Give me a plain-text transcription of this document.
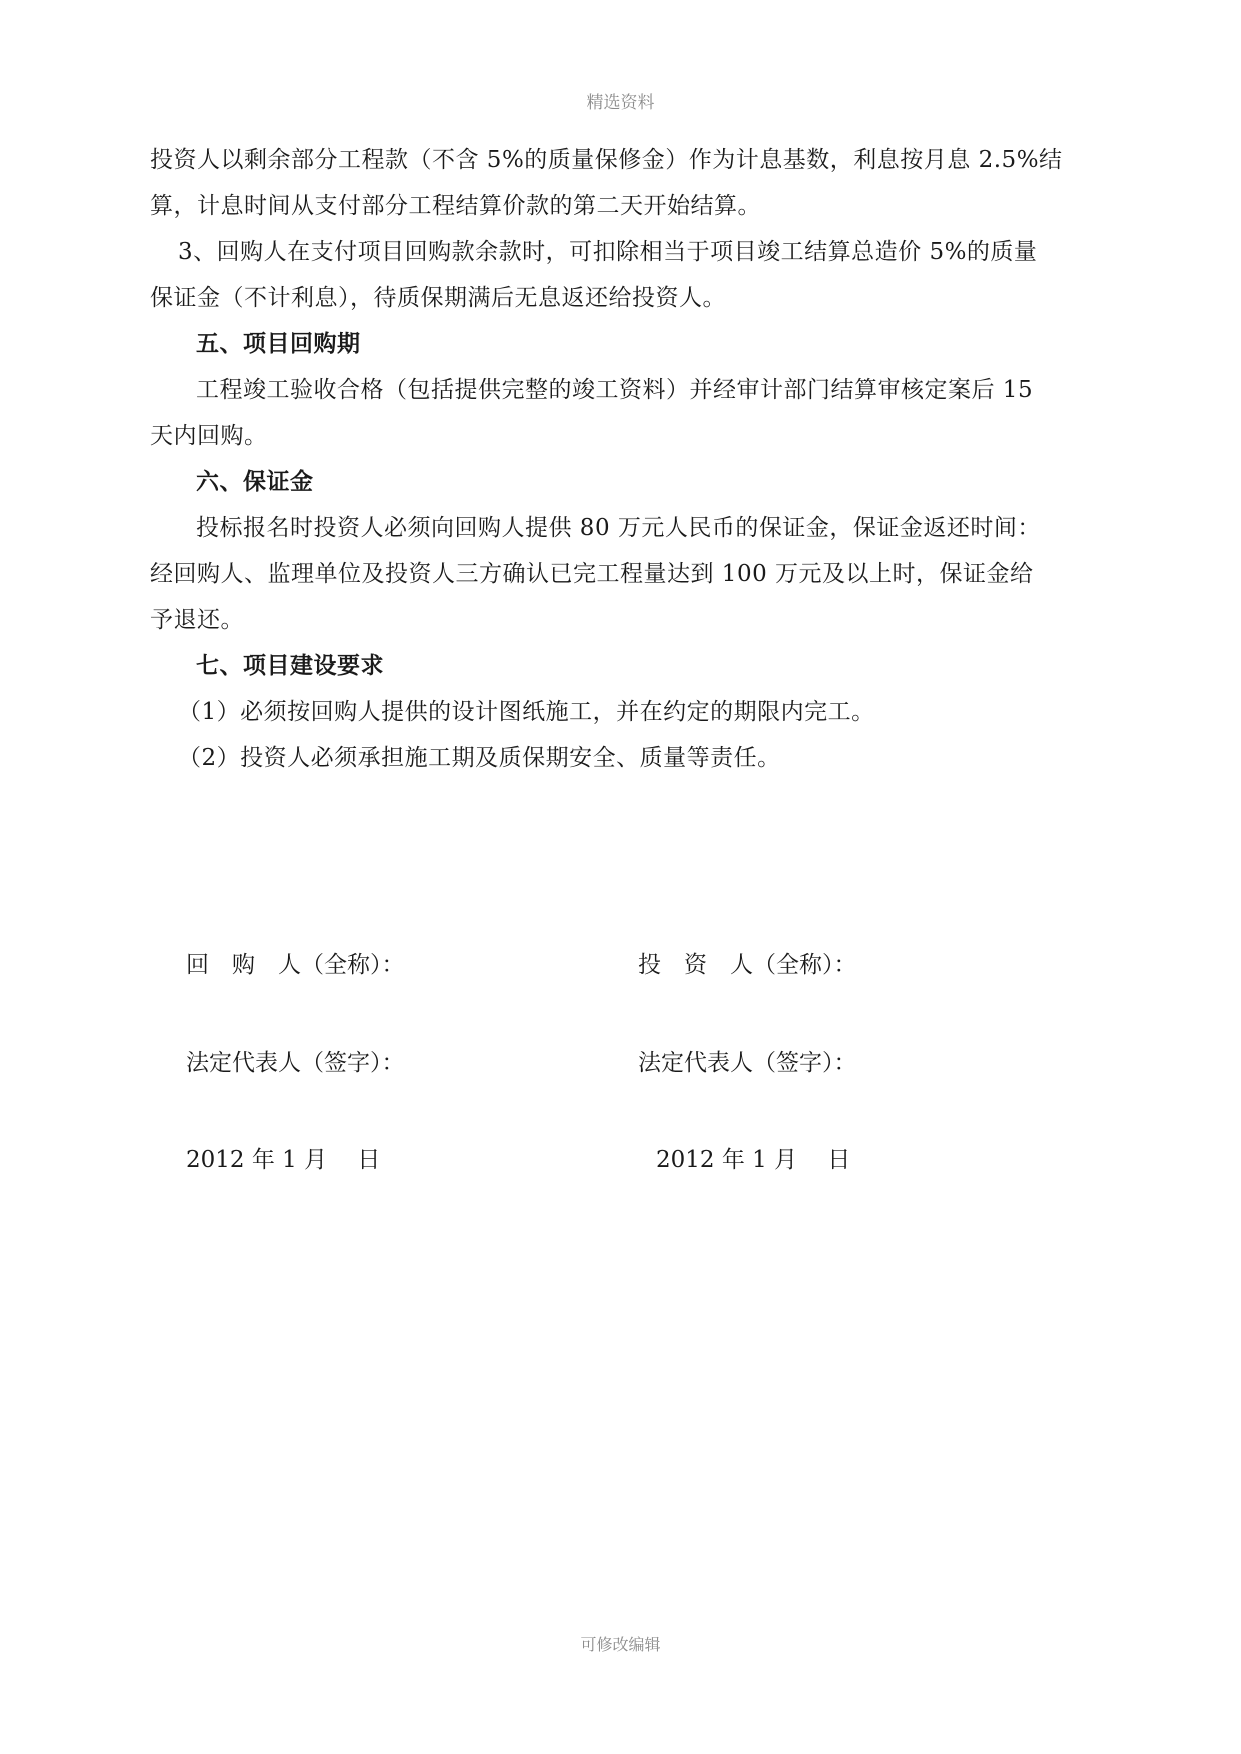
精选资料
投资人以剩余部分工程款（不含 5%的质量保修金）作为计息基数，利息按月息 2.5%结
算，计息时间从支付部分工程结算价款的第二天开始结算。
3、回购人在支付项目回购款余款时，可扣除相当于项目竣工结算总造价 5%的质量
保证金（不计利息），待质保期满后无息返还给投资人。
五、项目回购期
工程竣工验收合格（包括提供完整的竣工资料）并经审计部门结算审核定案后 15
天内回购。
六、保证金
投标报名时投资人必须向回购人提供 80 万元人民币的保证金，保证金返还时间：
经回购人、监理单位及投资人三方确认已完工程量达到 100 万元及以上时，保证金给
予退还。
七、项目建设要求
（1）必须按回购人提供的设计图纸施工，并在约定的期限内完工。
（2）投资人必须承担施工期及质保期安全、质量等责任。
回　购　人（全称）：	投　资　人（全称）：
法定代表人（签字）：	法定代表人（签字）：
2012 年 1 月　 日	2012 年 1 月　 日
可修改编辑
